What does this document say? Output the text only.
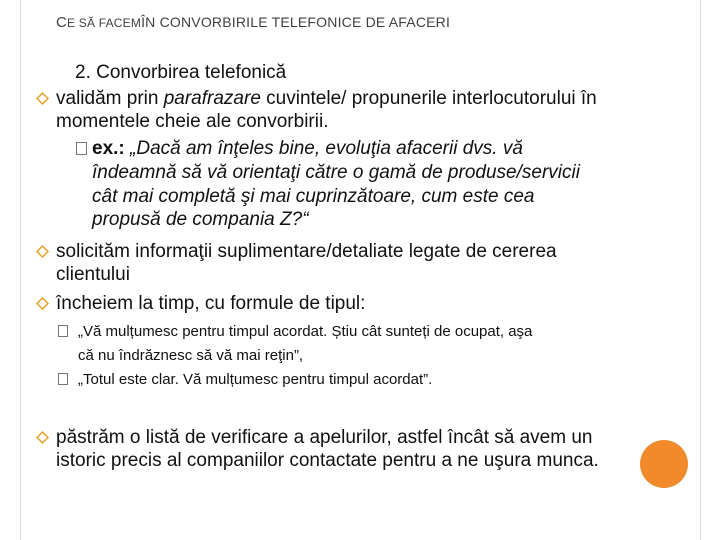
CE SĂ FACEMÎN CONVORBIRILE TELEFONICE DE AFACERI
2. Convorbirea telefonică
validăm prin parafrazare cuvintele/ propunerile interlocutorului în
momentele cheie ale convorbirii.
ex.: „Dacă am înţeles bine, evoluţia afacerii dvs. vă
îndeamnă să vă orientaţi către o gamă de produse/servicii
cât mai completă şi mai cuprinzătoare, cum este cea
propusă de compania Z?“
solicităm informaţii suplimentare/detaliate legate de cererea
clientului
încheiem la timp, cu formule de tipul:
„Vă mulțumesc pentru timpul acordat. Știu cât sunteți de ocupat, aşa
că nu îndrăznesc să vă mai reţin”,
„Totul este clar. Vă mulțumesc pentru timpul acordat”.
păstrăm o listă de verificare a apelurilor, astfel încât să avem un
istoric precis al companiilor contactate pentru a ne uşura munca.
